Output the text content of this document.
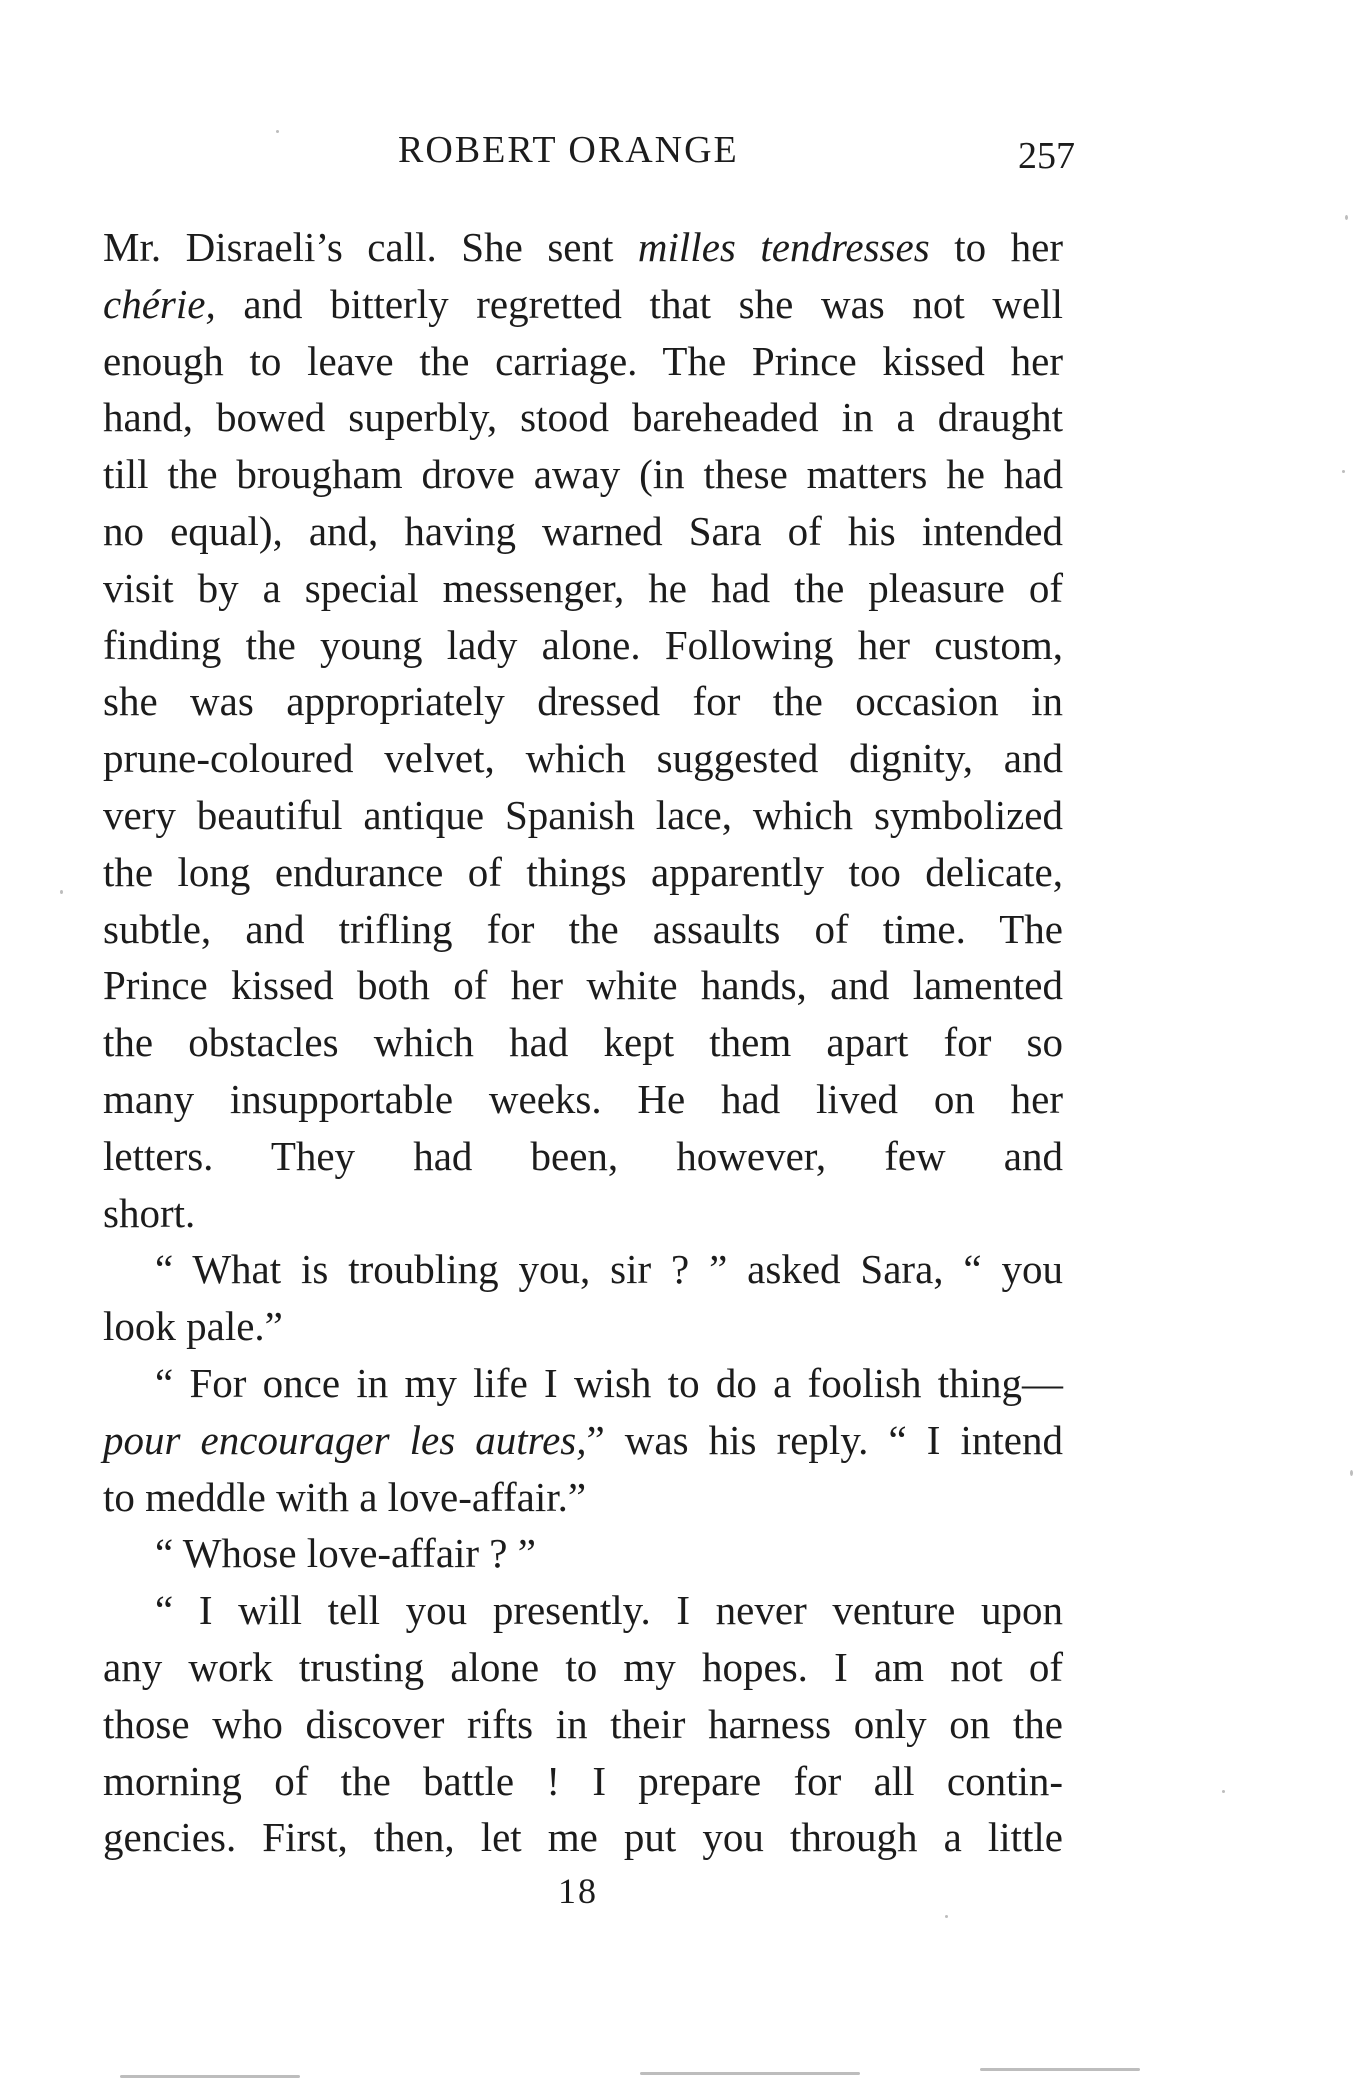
ROBERT ORANGE	257
Mr. Disraeli’s call. She sent milles tendresses to her
chérie, and bitterly regretted that she was not well
enough to leave the carriage. The Prince kissed her
hand, bowed superbly, stood bareheaded in a draught
till the brougham drove away (in these matters he had
no equal), and, having warned Sara of his intended
visit by a special messenger, he had the pleasure of
finding the young lady alone. Following her custom,
she was appropriately dressed for the occasion in
prune-coloured velvet, which suggested dignity, and
very beautiful antique Spanish lace, which symbolized
the long endurance of things apparently too delicate,
subtle, and trifling for the assaults of time. The
Prince kissed both of her white hands, and lamented
the obstacles which had kept them apart for so
many insupportable weeks. He had lived on her
letters. They had been, however, few and
short.
“ What is troubling you, sir ? ” asked Sara, “ you
look pale.”
“ For once in my life I wish to do a foolish thing—
pour encourager les autres,” was his reply. “ I intend
to meddle with a love-affair.”
“ Whose love-affair ? ”
“ I will tell you presently. I never venture upon
any work trusting alone to my hopes. I am not of
those who discover rifts in their harness only on the
morning of the battle ! I prepare for all contin-
gencies. First, then, let me put you through a little
18
